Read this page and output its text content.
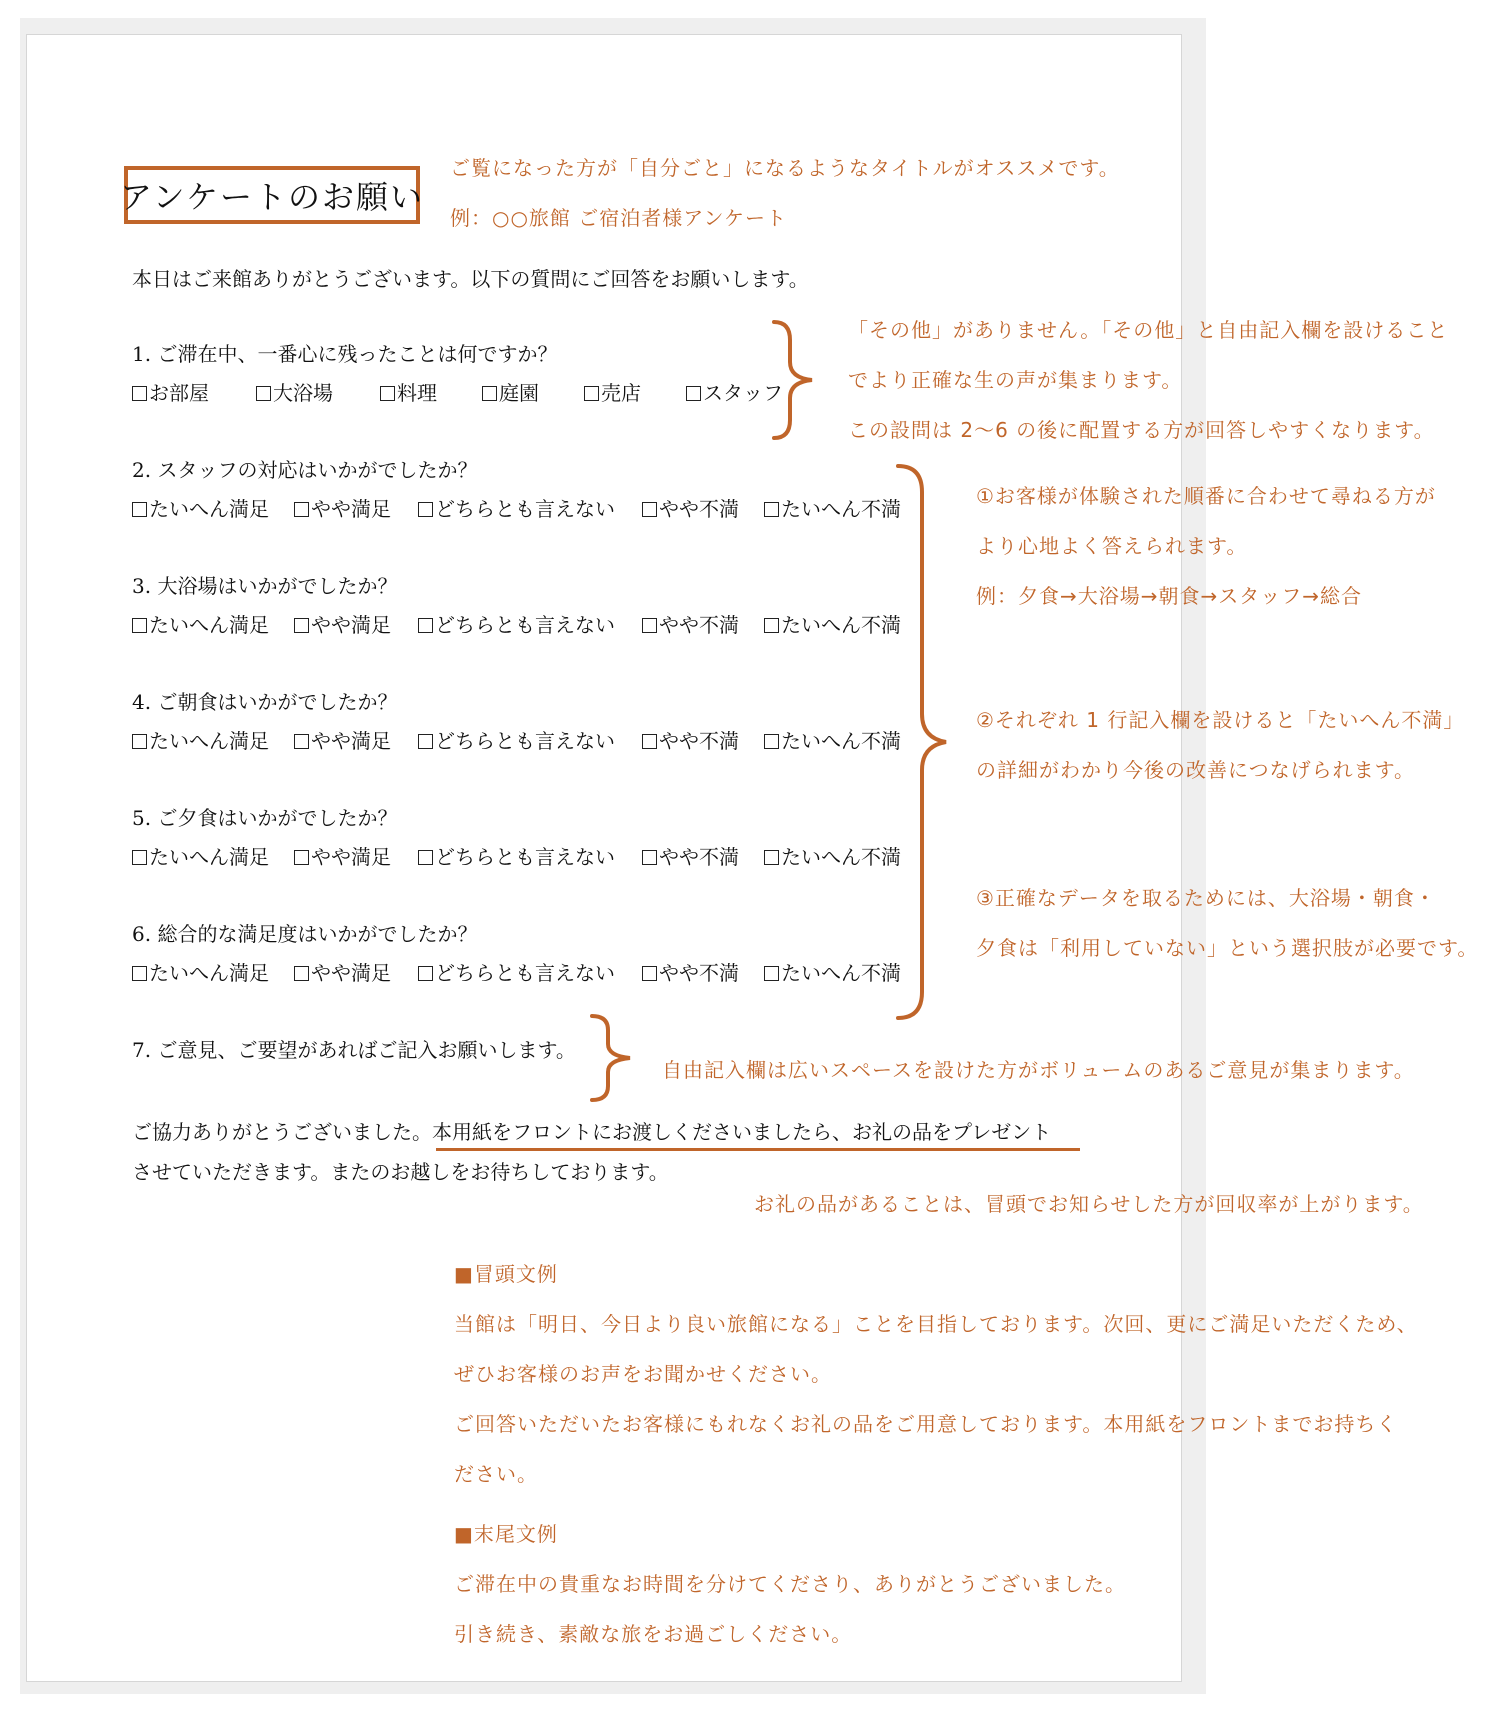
アンケートのお願い
ご覧になった方が「自分ごと」になるようなタイトルがオススメです。
例：○○旅館 ご宿泊者様アンケート
本日はご来館ありがとうございます。以下の質問にご回答をお願いします。
1. ご滞在中、一番心に残ったことは何ですか？
お部屋	大浴場	料理	庭園	売店	スタッフ
2. スタッフの対応はいかがでしたか？
たいへん満足 やや満足 どちらとも言えない やや不満 たいへん不満
3. 大浴場はいかがでしたか？
たいへん満足 やや満足 どちらとも言えない やや不満 たいへん不満
4. ご朝食はいかがでしたか？
たいへん満足 やや満足 どちらとも言えない やや不満 たいへん不満
5. ご夕食はいかがでしたか？
たいへん満足 やや満足 どちらとも言えない やや不満 たいへん不満
6. 総合的な満足度はいかがでしたか？
たいへん満足 やや満足 どちらとも言えない やや不満 たいへん不満
7. ご意見、ご要望があればご記入お願いします。
ご協力ありがとうございました。本用紙をフロントにお渡しくださいましたら、お礼の品をプレゼント
させていただきます。またのお越しをお待ちしております。
「その他」がありません。「その他」と自由記入欄を設けること
でより正確な生の声が集まります。
この設問は 2～6 の後に配置する方が回答しやすくなります。
①お客様が体験された順番に合わせて尋ねる方が
より心地よく答えられます。
例：夕食→大浴場→朝食→スタッフ→総合
②それぞれ 1 行記入欄を設けると「たいへん不満」
の詳細がわかり今後の改善につなげられます。
③正確なデータを取るためには、大浴場・朝食・
夕食は「利用していない」という選択肢が必要です。
自由記入欄は広いスペースを設けた方がボリュームのあるご意見が集まります。
お礼の品があることは、冒頭でお知らせした方が回収率が上がります。
■冒頭文例
当館は「明日、今日より良い旅館になる」ことを目指しております。次回、更にご満足いただくため、
ぜひお客様のお声をお聞かせください。
ご回答いただいたお客様にもれなくお礼の品をご用意しております。本用紙をフロントまでお持ちく
ださい。
■末尾文例
ご滞在中の貴重なお時間を分けてくださり、ありがとうございました。
引き続き、素敵な旅をお過ごしください。
